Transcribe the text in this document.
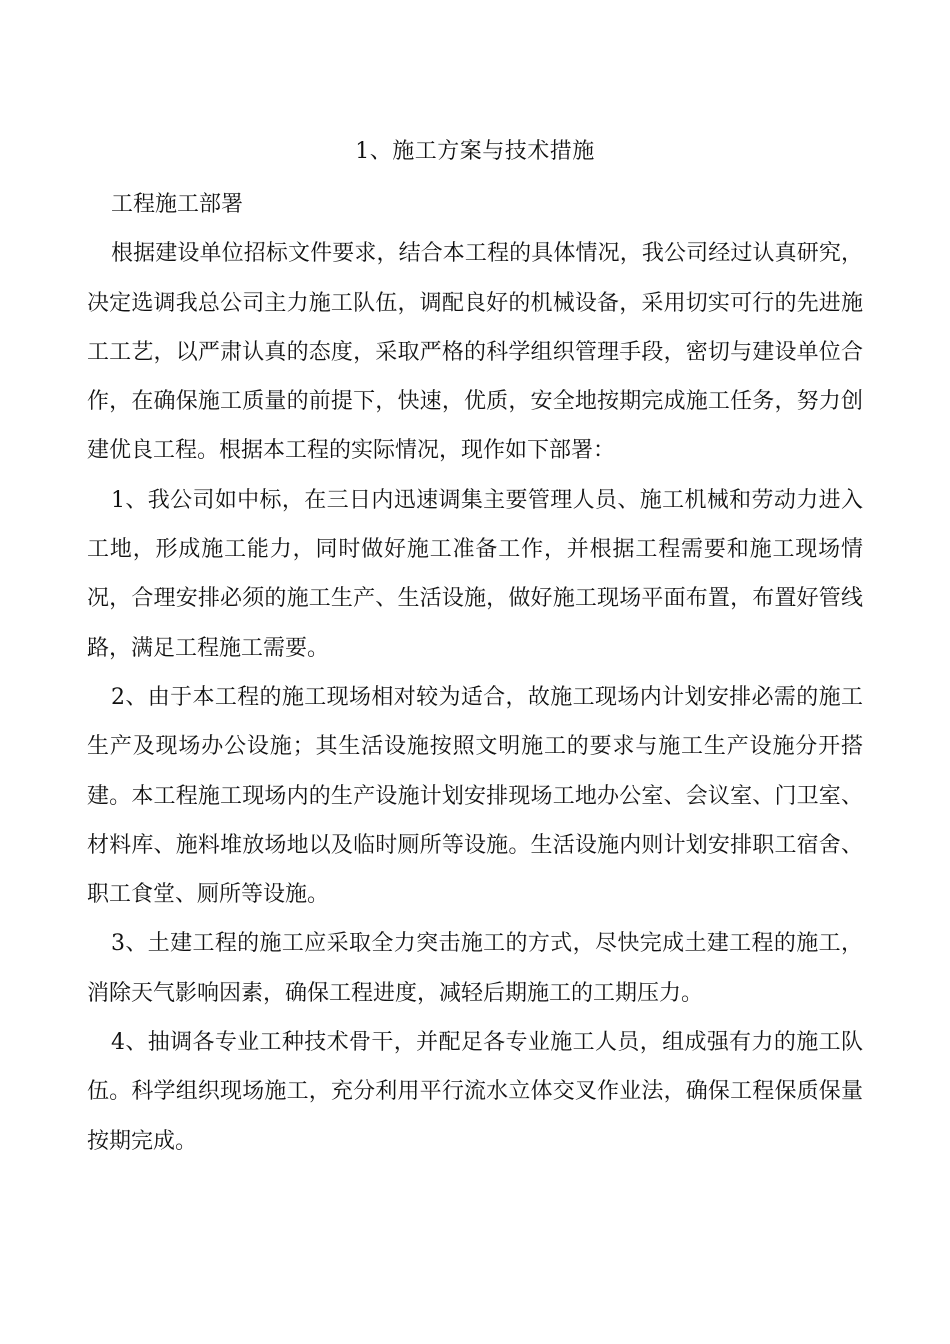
1、施工方案与技术措施

工程施工部署

根据建设单位招标文件要求，结合本工程的具体情况，我公司经过认真研究，决定选调我总公司主力施工队伍，调配良好的机械设备，采用切实可行的先进施工工艺，以严肃认真的态度，采取严格的科学组织管理手段，密切与建设单位合作，在确保施工质量的前提下，快速，优质，安全地按期完成施工任务，努力创建优良工程。根据本工程的实际情况，现作如下部署：

1、我公司如中标，在三日内迅速调集主要管理人员、施工机械和劳动力进入工地，形成施工能力，同时做好施工准备工作，并根据工程需要和施工现场情况，合理安排必须的施工生产、生活设施，做好施工现场平面布置，布置好管线路，满足工程施工需要。

2、由于本工程的施工现场相对较为适合，故施工现场内计划安排必需的施工生产及现场办公设施；其生活设施按照文明施工的要求与施工生产设施分开搭建。本工程施工现场内的生产设施计划安排现场工地办公室、会议室、门卫室、材料库、施料堆放场地以及临时厕所等设施。生活设施内则计划安排职工宿舍、职工食堂、厕所等设施。

3、土建工程的施工应采取全力突击施工的方式，尽快完成土建工程的施工，消除天气影响因素，确保工程进度，减轻后期施工的工期压力。

4、抽调各专业工种技术骨干，并配足各专业施工人员，组成强有力的施工队伍。科学组织现场施工，充分利用平行流水立体交叉作业法，确保工程保质保量按期完成。
